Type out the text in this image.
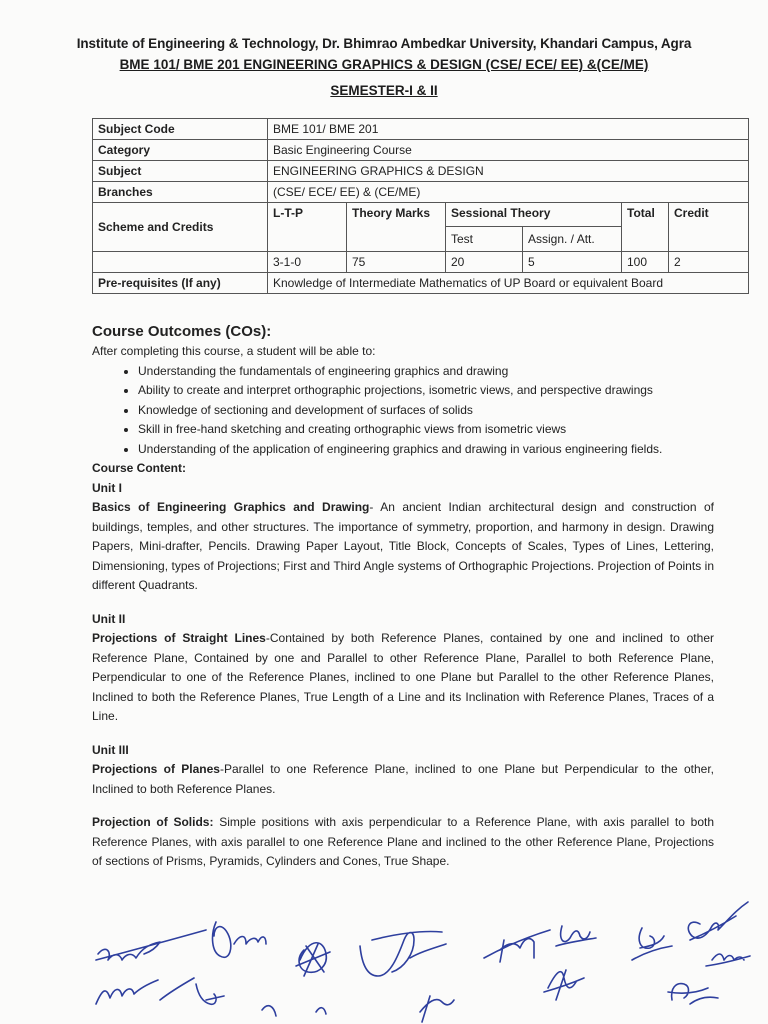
Institute of Engineering & Technology, Dr. Bhimrao Ambedkar University, Khandari Campus, Agra
BME 101/ BME 201 ENGINEERING GRAPHICS & DESIGN (CSE/ ECE/ EE) &(CE/ME)
SEMESTER-I & II
Subject Code	BME 101/ BME 201					
Category	Basic Engineering Course					
Subject	ENGINEERING GRAPHICS & DESIGN					
Branches	(CSE/ ECE/ EE) & (CE/ME)					
Scheme and Credits	L-T-P	Theory Marks	Sessional Theory		Total	Credit
			Test	Assign. / Att.		
	3-1-0	75	20	5	100	2
Pre-requisites (If any)	Knowledge of Intermediate Mathematics of UP Board or equivalent Board					
Course Outcomes (COs):
After completing this course, a student will be able to:
• Understanding the fundamentals of engineering graphics and drawing
• Ability to create and interpret orthographic projections, isometric views, and perspective drawings
• Knowledge of sectioning and development of surfaces of solids
• Skill in free-hand sketching and creating orthographic views from isometric views
• Understanding of the application of engineering graphics and drawing in various engineering fields.
Course Content:
Unit I

Basics of Engineering Graphics and Drawing- An ancient Indian architectural design and construction of buildings, temples, and other structures. The importance of symmetry, proportion, and harmony in design. Drawing Papers, Mini-drafter, Pencils. Drawing Paper Layout, Title Block, Concepts of Scales, Types of Lines, Lettering, Dimensioning, types of Projections; First and Third Angle systems of Orthographic Projections. Projection of Points in different Quadrants.

Unit II

Projections of Straight Lines-Contained by both Reference Planes, contained by one and inclined to other Reference Plane, Contained by one and Parallel to other Reference Plane, Parallel to both Reference Plane, Perpendicular to one of the Reference Planes, inclined to one Plane but Parallel to the other Reference Planes, Inclined to both the Reference Planes, True Length of a Line and its Inclination with Reference Planes, Traces of a Line.

Unit III

Projections of Planes-Parallel to one Reference Plane, inclined to one Plane but Perpendicular to the other, Inclined to both Reference Planes.

Projection of Solids: Simple positions with axis perpendicular to a Reference Plane, with axis parallel to both Reference Planes, with axis parallel to one Reference Plane and inclined to the other Reference Plane, Projections of sections of Prisms, Pyramids, Cylinders and Cones, True Shape.
